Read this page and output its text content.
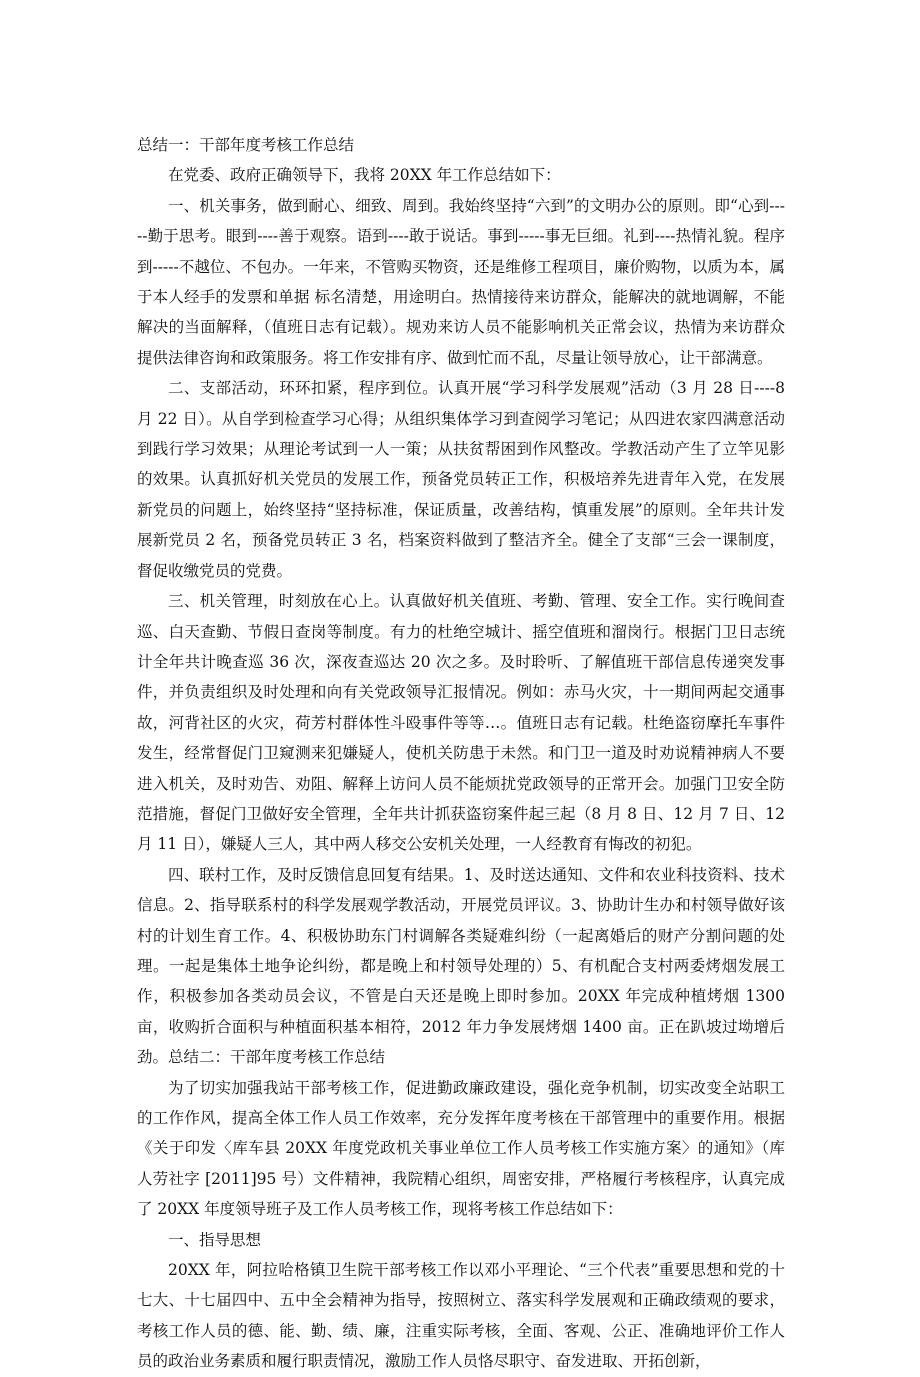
总结一：干部年度考核工作总结

在党委、政府正确领导下，我将 20XX 年工作总结如下：

一、机关事务，做到耐心、细致、周到。我始终坚持“六到”的文明办公的原则。即“心到-----勤于思考。眼到----善于观察。语到----敢于说话。事到-----事无巨细。礼到----热情礼貌。程序到-----不越位、不包办。一年来，不管购买物资，还是维修工程项目，廉价购物，以质为本，属于本人经手的发票和单据 标名清楚，用途明白。热情接待来访群众，能解决的就地调解，不能解决的当面解释，（值班日志有记载）。规劝来访人员不能影响机关正常会议，热情为来访群众提供法律咨询和政策服务。将工作安排有序、做到忙而不乱，尽量让领导放心，让干部满意。

二、支部活动，环环扣紧，程序到位。认真开展“学习科学发展观”活动（3 月 28 日----8 月 22 日）。从自学到检查学习心得；从组织集体学习到查阅学习笔记；从四进农家四满意活动到践行学习效果；从理论考试到一人一策；从扶贫帮困到作风整改。学教活动产生了立竿见影的效果。认真抓好机关党员的发展工作，预备党员转正工作，积极培养先进青年入党，在发展新党员的问题上，始终坚持“坚持标准，保证质量，改善结构，慎重发展”的原则。全年共计发展新党员 2 名，预备党员转正 3 名，档案资料做到了整洁齐全。健全了支部“三会一课制度，督促收缴党员的党费。

三、机关管理，时刻放在心上。认真做好机关值班、考勤、管理、安全工作。实行晚间查巡、白天查勤、节假日查岗等制度。有力的杜绝空城计、摇空值班和溜岗行。根据门卫日志统计全年共计晚查巡 36 次，深夜查巡达 20 次之多。及时聆听、了解值班干部信息传递突发事件，并负责组织及时处理和向有关党政领导汇报情况。例如：赤马火灾，十一期间两起交通事故，河背社区的火灾，荷芳村群体性斗殴事件等等…。值班日志有记载。杜绝盗窃摩托车事件发生，经常督促门卫窥测来犯嫌疑人，使机关防患于未然。和门卫一道及时劝说精神病人不要进入机关，及时劝告、劝阻、解释上访问人员不能烦扰党政领导的正常开会。加强门卫安全防范措施，督促门卫做好安全管理，全年共计抓获盗窃案件起三起（8 月 8 日、12 月 7 日、12 月 11 日），嫌疑人三人，其中两人移交公安机关处理，一人经教育有悔改的初犯。

四、联村工作，及时反馈信息回复有结果。1、及时送达通知、文件和农业科技资料、技术信息。2、指导联系村的科学发展观学教活动，开展党员评议。3、协助计生办和村领导做好该村的计划生育工作。4、积极协助东门村调解各类疑难纠纷（一起离婚后的财产分割问题的处理。一起是集体土地争论纠纷，都是晚上和村领导处理的）5、有机配合支村两委烤烟发展工作，积极参加各类动员会议，不管是白天还是晚上即时参加。20XX 年完成种植烤烟 1300 亩，收购折合面积与种植面积基本相符，2012 年力争发展烤烟 1400 亩。正在趴坡过坳增后劲。总结二：干部年度考核工作总结

为了切实加强我站干部考核工作，促进勤政廉政建设，强化竞争机制，切实改变全站职工的工作作风，提高全体工作人员工作效率，充分发挥年度考核在干部管理中的重要作用。根据《关于印发〈库车县 20XX 年度党政机关事业单位工作人员考核工作实施方案〉的通知》（库人劳社字 [2011]95 号）文件精神，我院精心组织，周密安排，严格履行考核程序，认真完成了 20XX 年度领导班子及工作人员考核工作，现将考核工作总结如下：

一、指导思想

20XX 年，阿拉哈格镇卫生院干部考核工作以邓小平理论、“三个代表”重要思想和党的十七大、十七届四中、五中全会精神为指导，按照树立、落实科学发展观和正确政绩观的要求，考核工作人员的德、能、勤、绩、廉，注重实际考核，全面、客观、公正、准确地评价工作人员的政治业务素质和履行职责情况，激励工作人员恪尽职守、奋发进取、开拓创新，
